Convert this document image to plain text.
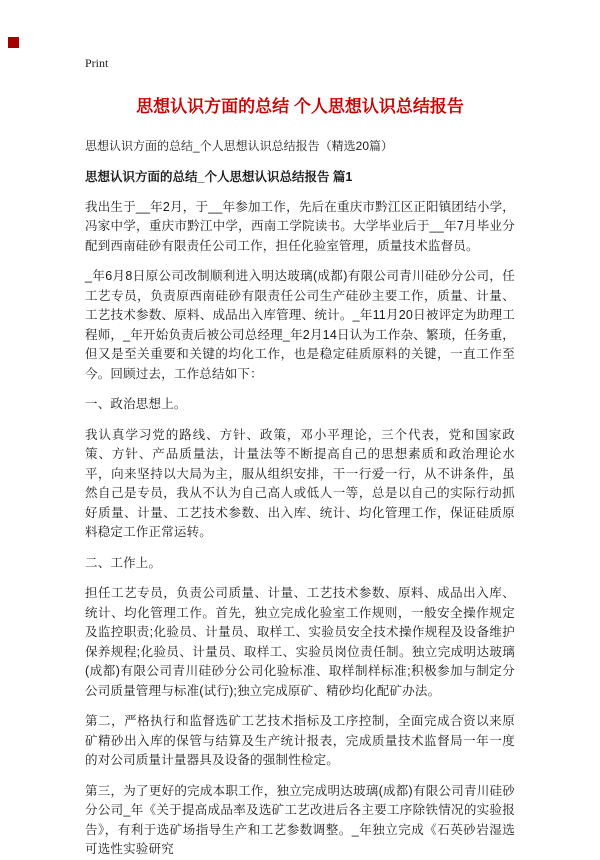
Print
思想认识方面的总结 个人思想认识总结报告

思想认识方面的总结_个人思想认识总结报告（精选20篇）

思想认识方面的总结_个人思想认识总结报告 篇1

我出生于__年2月，于__年参加工作，先后在重庆市黔江区正阳镇团结小学，冯家中学，重庆市黔江中学，西南工学院读书。大学毕业后于__年7月毕业分配到西南硅砂有限责任公司工作，担任化验室管理，质量技术监督员。

_年6月8日原公司改制顺利进入明达玻璃(成都)有限公司青川硅砂分公司，任工艺专员，负责原西南硅砂有限责任公司生产硅砂主要工作，质量、计量、工艺技术参数、原料、成品出入库管理、统计。_年11月20日被评定为助理工程师，_年开始负责后被公司总经理_年2月14日认为工作杂、繁琐，任务重，但又是至关重要和关键的均化工作，也是稳定硅质原料的关键，一直工作至今。回顾过去，工作总结如下：

一、政治思想上。

我认真学习党的路线、方针、政策，邓小平理论，三个代表，党和国家政策、方针、产品质量法，计量法等不断提高自己的思想素质和政治理论水平，向来坚持以大局为主，服从组织安排，干一行爱一行，从不讲条件，虽然自己是专员，我从不认为自己高人或低人一等，总是以自己的实际行动抓好质量、计量、工艺技术参数、出入库、统计、均化管理工作，保证硅质原料稳定工作正常运转。

二、工作上。

担任工艺专员，负责公司质量、计量、工艺技术参数、原料、成品出入库、统计、均化管理工作。首先，独立完成化验室工作规则，一般安全操作规定及监控职责;化验员、计量员、取样工、实验员安全技术操作规程及设备维护保养规程;化验员、计量员、取样工、实验员岗位责任制。独立完成明达玻璃(成都)有限公司青川硅砂分公司化验标准、取样制样标准;积极参加与制定分公司质量管理与标准(试行);独立完成原矿、精砂均化配矿办法。

第二，严格执行和监督选矿工艺技术指标及工序控制，全面完成合资以来原矿精砂出入库的保管与结算及生产统计报表，完成质量技术监督局一年一度的对公司质量计量器具及设备的强制性检定。

第三，为了更好的完成本职工作，独立完成明达玻璃(成都)有限公司青川硅砂分公司_年《关于提高成品率及选矿工艺改进后各主要工序除铁情况的实验报告》，有利于选矿场指导生产和工艺参数调整。_年独立完成《石英砂岩湿选可选性实验研究
